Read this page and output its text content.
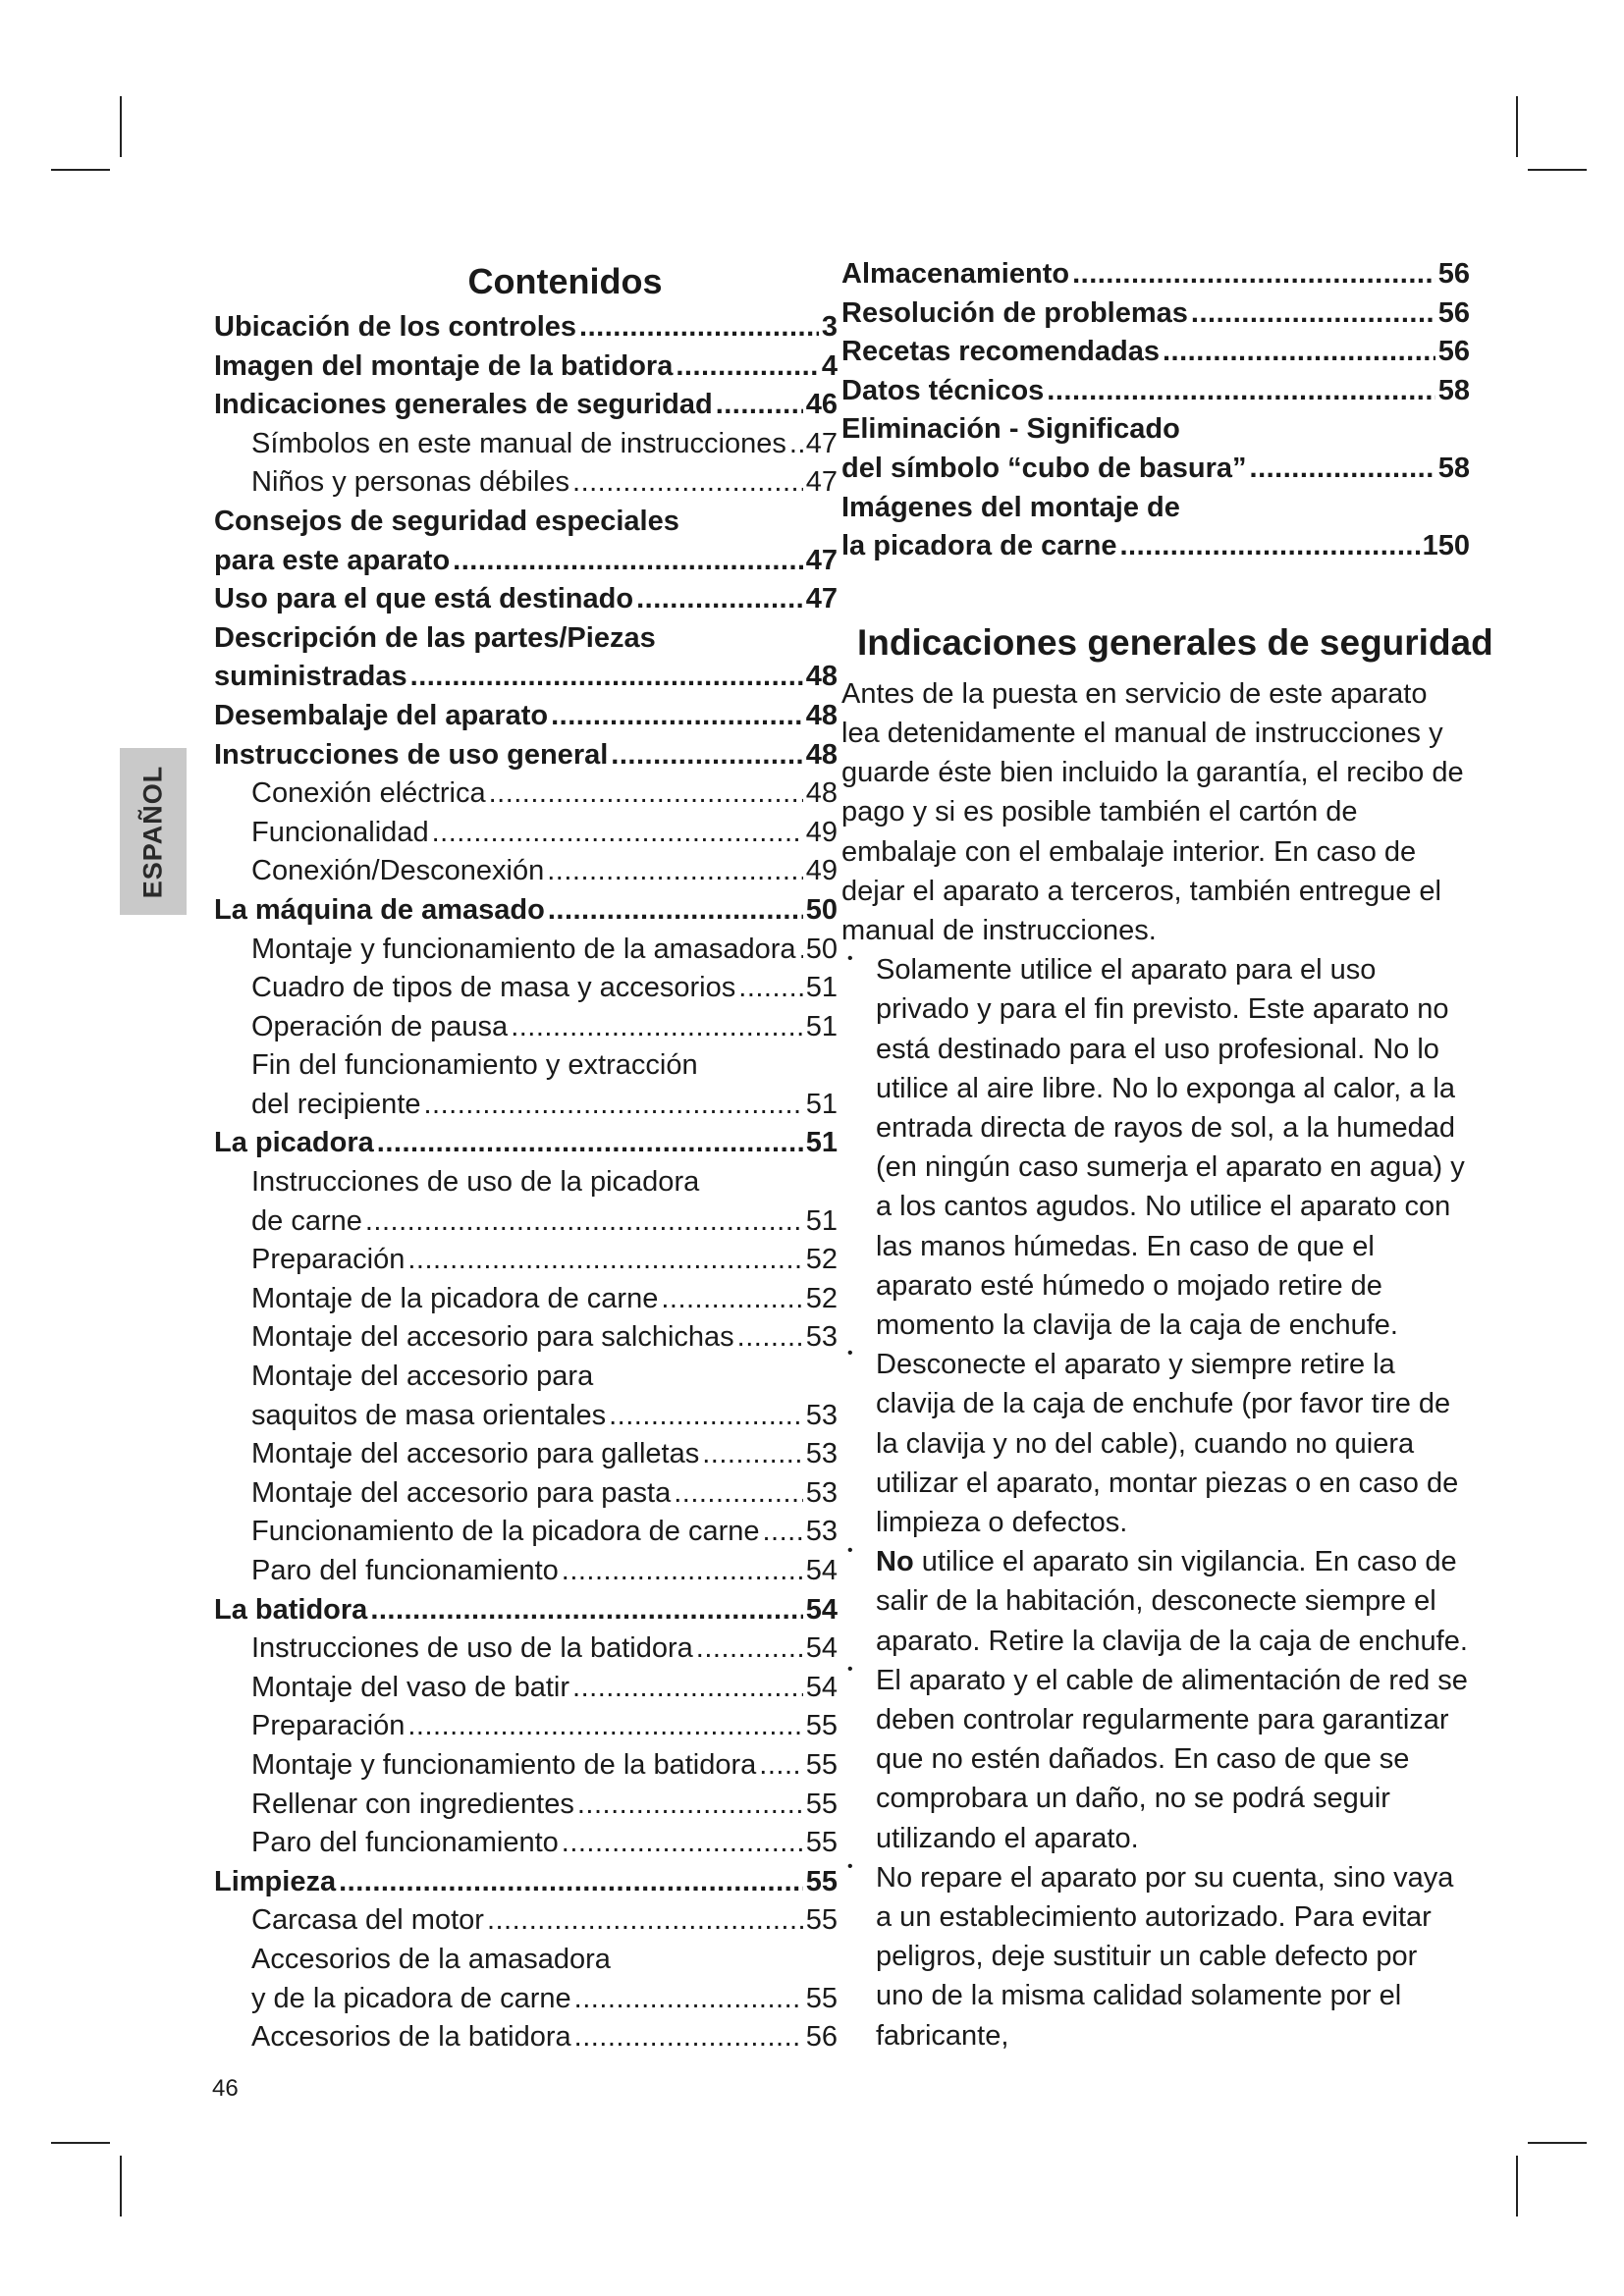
ESPAÑOL
Contenidos
Ubicación de los controles .....	3
Imagen del montaje de la batidora .....	4
Indicaciones generales de seguridad .....	46
Símbolos en este manual de instrucciones ..... 47
Niños y personas débiles .....	47
Consejos de seguridad especiales
para este aparato .....	47
Uso para el que está destinado .....	47
Descripción de las partes/Piezas
suministradas .....	48
Desembalaje del aparato .....	48
Instrucciones de uso general .....	48
Conexión eléctrica .....	48
Funcionalidad .....	49
Conexión/Desconexión .....	49
La máquina de amasado .....	50
Montaje y funcionamiento de la amasadora ..... 50
Cuadro de tipos de masa y accesorios ..... 51
Operación de pausa .....	51
Fin del funcionamiento y extracción
del recipiente .....	51
La picadora .....	51
Instrucciones de uso de la picadora
de carne .....	51
Preparación .....	52
Montaje de la picadora de carne .....	52
Montaje del accesorio para salchichas .....	53
Montaje del accesorio para
saquitos de masa orientales .....	53
Montaje del accesorio para galletas .....	53
Montaje del accesorio para pasta .....	53
Funcionamiento de la picadora de carne ..... 53
Paro del funcionamiento .....	54
La batidora .....	54
Instrucciones de uso de la batidora .....	54
Montaje del vaso de batir .....	54
Preparación .....	55
Montaje y funcionamiento de la batidora ..... 55
Rellenar con ingredientes .....	55
Paro del funcionamiento .....	55
Limpieza .....	55
Carcasa del motor .....	55
Accesorios de la amasadora
y de la picadora de carne .....	55
Accesorios de la batidora .....	56
Almacenamiento .....	56
Resolución de problemas .....	56
Recetas recomendadas .....	56
Datos técnicos .....	58
Eliminación - Significado
del símbolo “cubo de basura” .....	58
Imágenes del montaje de
la picadora de carne .....	150
Indicaciones generales de seguridad

Antes de la puesta en servicio de este aparato lea detenidamente el manual de instrucciones y guarde éste bien incluido la garantía, el recibo de pago y si es posible también el cartón de embalaje con el embalaje interior. En caso de dejar el aparato a terceros, también entregue el manual de instrucciones.

• Solamente utilice el aparato para el uso privado y para el fin previsto. Este aparato no está destinado para el uso profesional. No lo utilice al aire libre. No lo exponga al calor, a la entrada directa de rayos de sol, a la humedad (en ningún caso sumerja el aparato en agua) y a los cantos agudos. No utilice el aparato con las manos húmedas. En caso de que el aparato esté húmedo o mojado retire de momento la clavija de la caja de enchufe.
• Desconecte el aparato y siempre retire la clavija de la caja de enchufe (por favor tire de la clavija y no del cable), cuando no quiera utilizar el aparato, montar piezas o en caso de limpieza o defectos.
• No utilice el aparato sin vigilancia. En caso de salir de la habitación, desconecte siempre el aparato. Retire la clavija de la caja de enchufe.
• El aparato y el cable de alimentación de red se deben controlar regularmente para garantizar que no estén dañados. En caso de que se comprobara un daño, no se podrá seguir utilizando el aparato.
• No repare el aparato por su cuenta, sino vaya a un establecimiento autorizado. Para evitar peligros, deje sustituir un cable defecto por uno de la misma calidad solamente por el fabricante,
46
